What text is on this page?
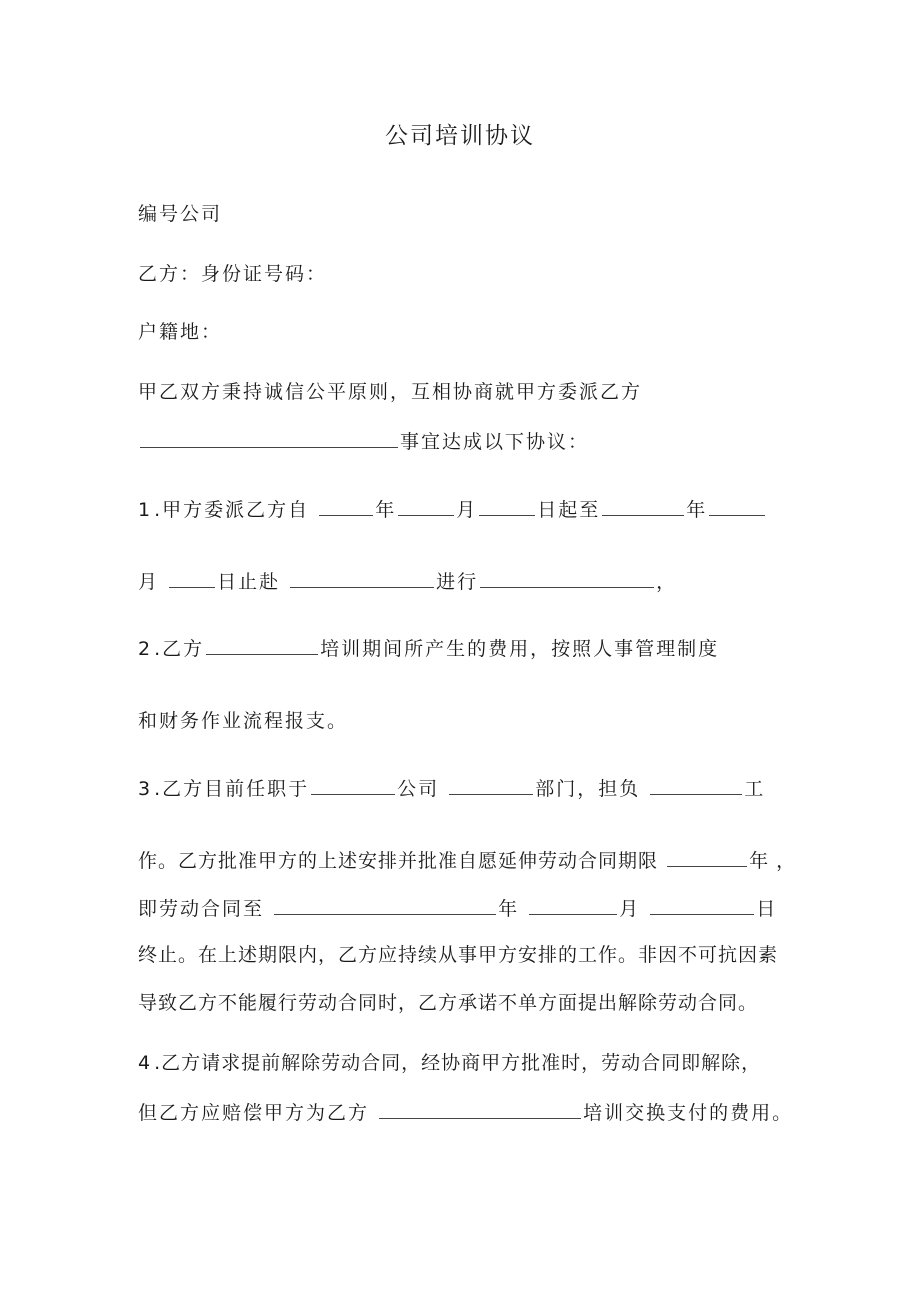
公司培训协议
编号公司
乙方：身份证号码：
户籍地：
甲乙双方秉持诚信公平原则，互相协商就甲方委派乙方
事宜达成以下协议：
1 .甲方委派乙方自	年	月	日起至	年
月	日止赴	进行	，
2 .乙方	培训期间所产生的费用，按照人事管理制度
和财务作业流程报支。
3 .乙方目前任职于	公司	部门，担负	工
作。乙方批准甲方的上述安排并批准自愿延伸劳动合同期限	年 ，
即劳动合同至	年	月	日
终止。在上述期限内，乙方应持续从事甲方安排的工作。非因不可抗因素
导致乙方不能履行劳动合同时，乙方承诺不单方面提出解除劳动合同。
4 .乙方请求提前解除劳动合同，经协商甲方批准时，劳动合同即解除，
但乙方应赔偿甲方为乙方	培训交换支付的费用。
